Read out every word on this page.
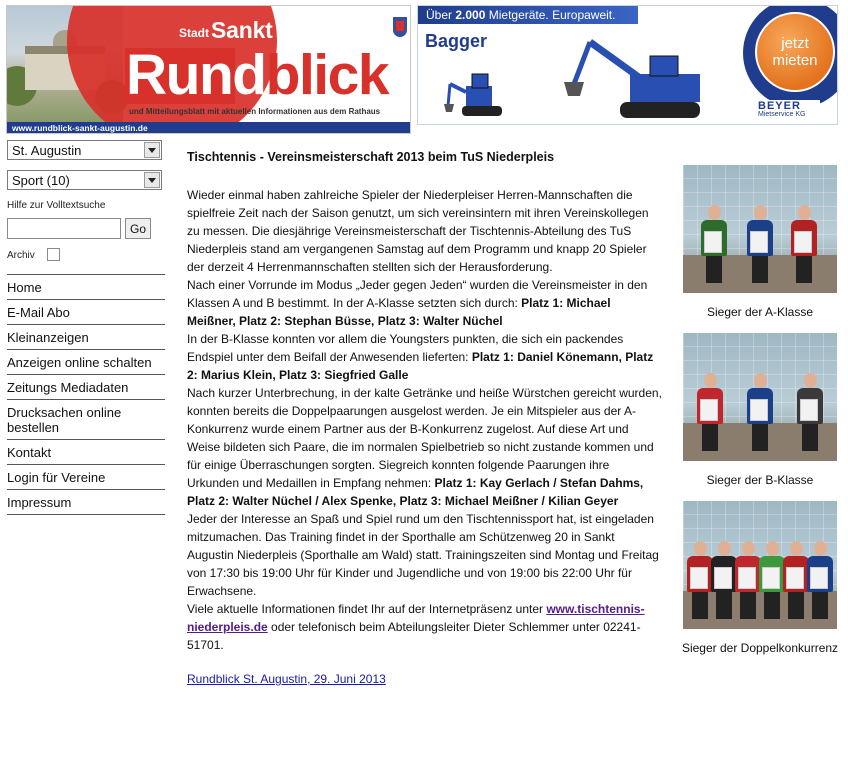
Stadt Sankt Augustin
Rundblick
und Mitteilungsblatt mit aktuellen Informationen aus dem Rathaus
www.rundblick-sankt-augustin.de
Über 2.000 Mietgeräte. Europaweit.
Bagger	jetzt
mieten
BEYER
Mietservice KG
St. Augustin
Sport (10)
Hilfe zur Volltextsuche
Go
Archiv
Home
E-Mail Abo
Kleinanzeigen
Anzeigen online schalten
Zeitungs Mediadaten
Drucksachen online bestellen
Kontakt
Login für Vereine
Impressum
Tischtennis - Vereinsmeisterschaft 2013 beim TuS Niederpleis

Wieder einmal haben zahlreiche Spieler der Niederpleiser Herren-Mannschaften die spielfreie Zeit nach der Saison genutzt, um sich vereinsintern mit ihren Vereinskollegen zu messen. Die diesjährige Vereinsmeisterschaft der Tischtennis-Abteilung des TuS Niederpleis stand am vergangenen Samstag auf dem Programm und knapp 20 Spieler der derzeit 4 Herrenmannschaften stellten sich der Herausforderung.

Nach einer Vorrunde im Modus „Jeder gegen Jeden“ wurden die Vereinsmeister in den Klassen A und B bestimmt. In der A-Klasse setzten sich durch: Platz 1: Michael Meißner, Platz 2: Stephan Büsse, Platz 3: Walter Nüchel

In der B-Klasse konnten vor allem die Youngsters punkten, die sich ein packendes Endspiel unter dem Beifall der Anwesenden lieferten: Platz 1: Daniel Könemann, Platz 2: Marius Klein, Platz 3: Siegfried Galle

Nach kurzer Unterbrechung, in der kalte Getränke und heiße Würstchen gereicht wurden, konnten bereits die Doppelpaarungen ausgelost werden. Je ein Mitspieler aus der A-Konkurrenz wurde einem Partner aus der B-Konkurrenz zugelost. Auf diese Art und Weise bildeten sich Paare, die im normalen Spielbetrieb so nicht zustande kommen und für einige Überraschungen sorgten. Siegreich konnten folgende Paarungen ihre Urkunden und Medaillen in Empfang nehmen: Platz 1: Kay Gerlach / Stefan Dahms, Platz 2: Walter Nüchel / Alex Spenke, Platz 3: Michael Meißner / Kilian Geyer

Jeder der Interesse an Spaß und Spiel rund um den Tischtennissport hat, ist eingeladen mitzumachen. Das Training findet in der Sporthalle am Schützenweg 20 in Sankt Augustin Niederpleis (Sporthalle am Wald) statt. Trainingszeiten sind Montag und Freitag von 17:30 bis 19:00 Uhr für Kinder und Jugendliche und von 19:00 bis 22:00 Uhr für Erwachsene.

Viele aktuelle Informationen findet Ihr auf der Internetpräsenz unter www.tischtennis-niederpleis.de oder telefonisch beim Abteilungsleiter Dieter Schlemmer unter 02241-51701.

Rundblick St. Augustin, 29. Juni 2013
Sieger der A-Klasse
Sieger der B-Klasse
Sieger der Doppelkonkurrenz
